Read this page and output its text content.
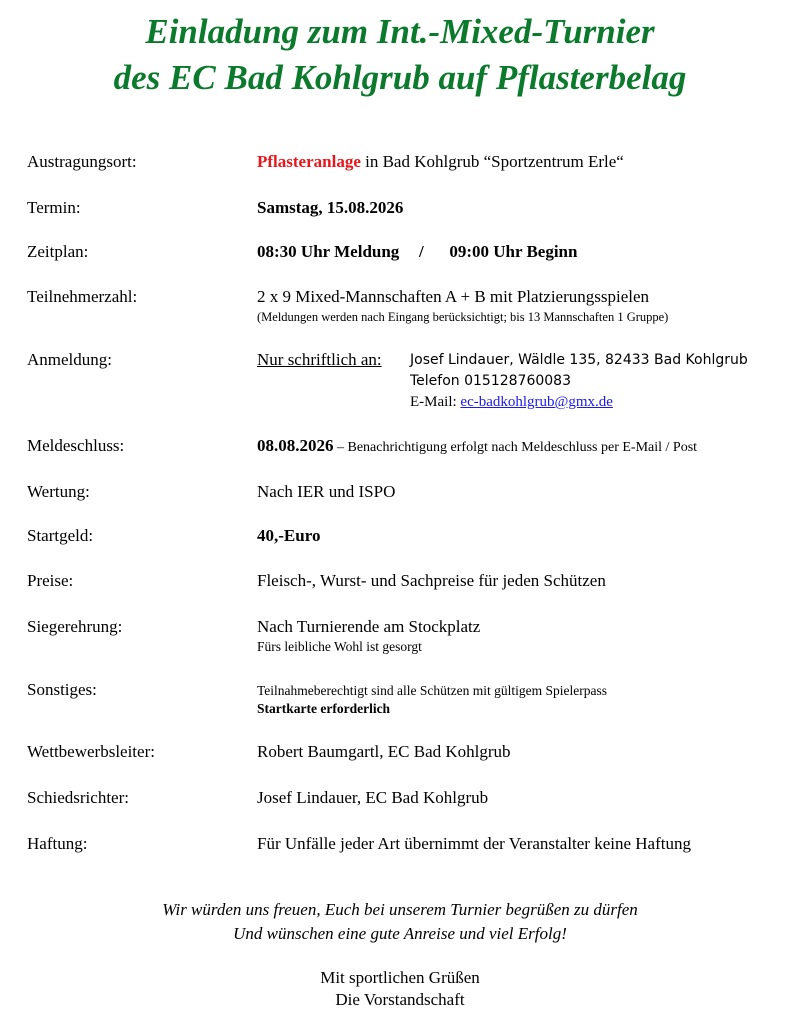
Einladung zum Int.-Mixed-Turnier
des EC Bad Kohlgrub auf Pflasterbelag
Austragungsort:	Pflasteranlage in Bad Kohlgrub “Sportzentrum Erle“
Termin:	Samstag, 15.08.2026
Zeitplan:	08:30 Uhr Meldung / 09:00 Uhr Beginn
Teilnehmerzahl:	2 x 9 Mixed-Mannschaften A + B mit Platzierungsspielen
(Meldungen werden nach Eingang berücksichtigt; bis 13 Mannschaften 1 Gruppe)
Anmeldung:	Nur schriftlich an: Josef Lindauer, Wäldle 135, 82433 Bad Kohlgrub
Telefon 015128760083
E-Mail: ec-badkohlgrub@gmx.de
Meldeschluss:	08.08.2026 – Benachrichtigung erfolgt nach Meldeschluss per E-Mail / Post
Wertung:	Nach IER und ISPO
Startgeld:	40,-Euro
Preise:	Fleisch-, Wurst- und Sachpreise für jeden Schützen
Siegerehrung:	Nach Turnierende am Stockplatz
Fürs leibliche Wohl ist gesorgt
Sonstiges:	Teilnahmeberechtigt sind alle Schützen mit gültigem Spielerpass
Startkarte erforderlich
Wettbewerbsleiter:	Robert Baumgartl, EC Bad Kohlgrub
Schiedsrichter:	Josef Lindauer, EC Bad Kohlgrub
Haftung:	Für Unfälle jeder Art übernimmt der Veranstalter keine Haftung
Wir würden uns freuen, Euch bei unserem Turnier begrüßen zu dürfen
Und wünschen eine gute Anreise und viel Erfolg!
Mit sportlichen Grüßen
Die Vorstandschaft
